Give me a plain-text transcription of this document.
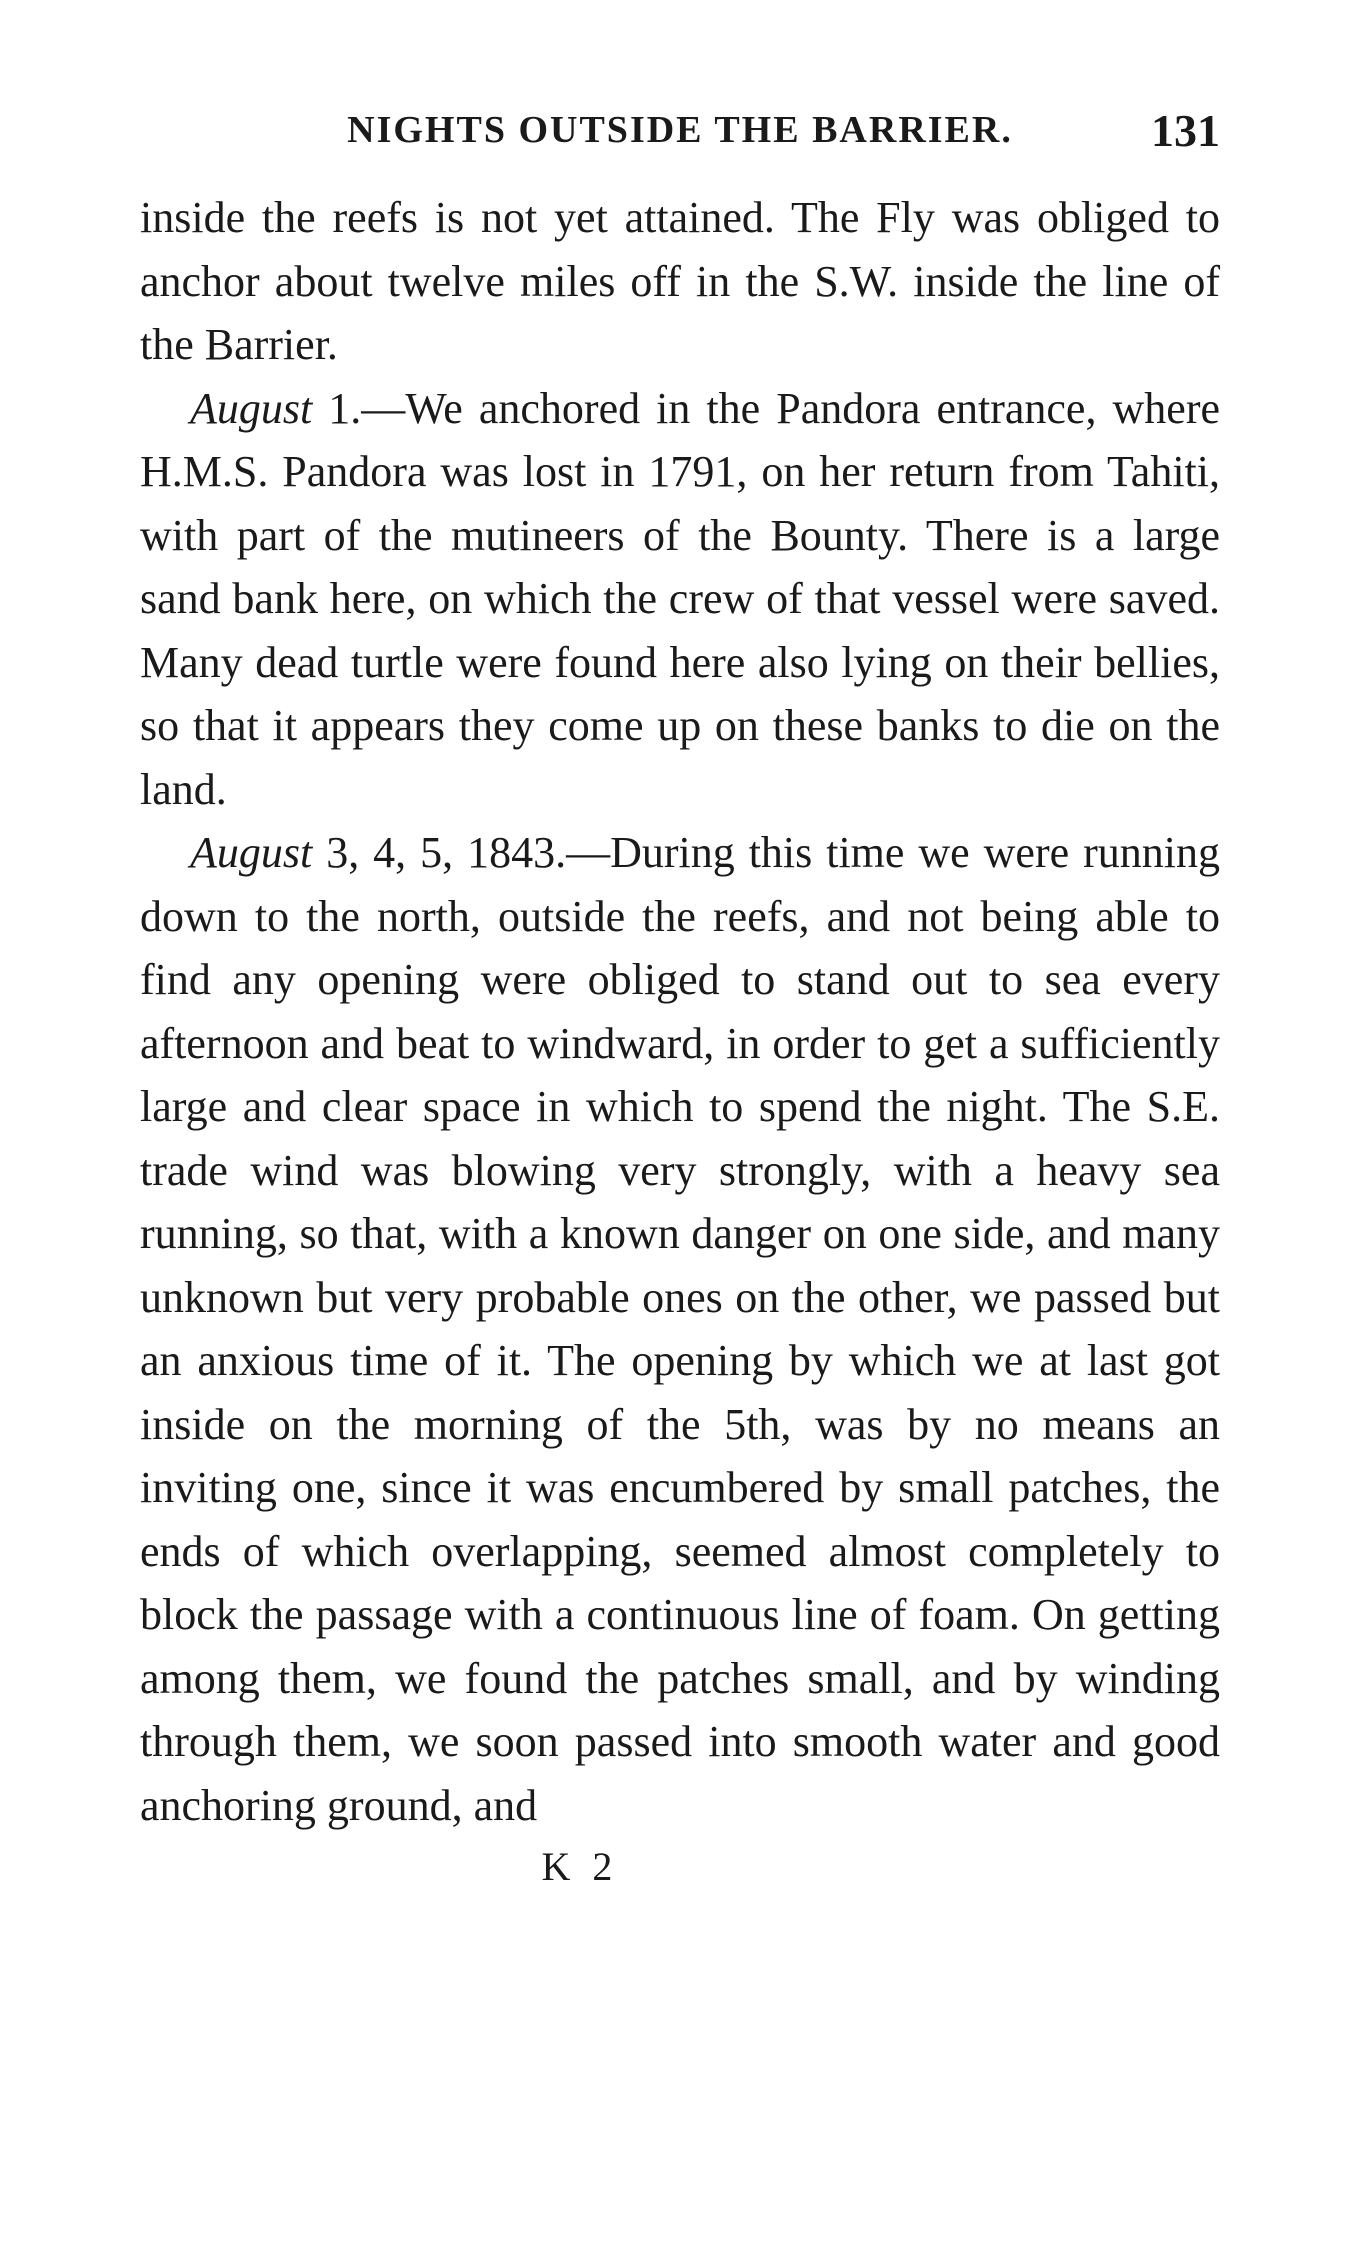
NIGHTS OUTSIDE THE BARRIER.	131

inside the reefs is not yet attained. The Fly was obliged to anchor about twelve miles off in the S.W. inside the line of the Barrier.

August 1.—We anchored in the Pandora entrance, where H.M.S. Pandora was lost in 1791, on her return from Tahiti, with part of the mutineers of the Bounty. There is a large sand bank here, on which the crew of that vessel were saved. Many dead turtle were found here also lying on their bellies, so that it appears they come up on these banks to die on the land.

August 3, 4, 5, 1843.—During this time we were running down to the north, outside the reefs, and not being able to find any opening were obliged to stand out to sea every afternoon and beat to windward, in order to get a sufficiently large and clear space in which to spend the night. The S.E. trade wind was blowing very strongly, with a heavy sea running, so that, with a known danger on one side, and many unknown but very probable ones on the other, we passed but an anxious time of it. The opening by which we at last got inside on the morning of the 5th, was by no means an inviting one, since it was encumbered by small patches, the ends of which overlapping, seemed almost completely to block the passage with a continuous line of foam. On getting among them, we found the patches small, and by winding through them, we soon passed into smooth water and good anchoring ground, and

K 2
